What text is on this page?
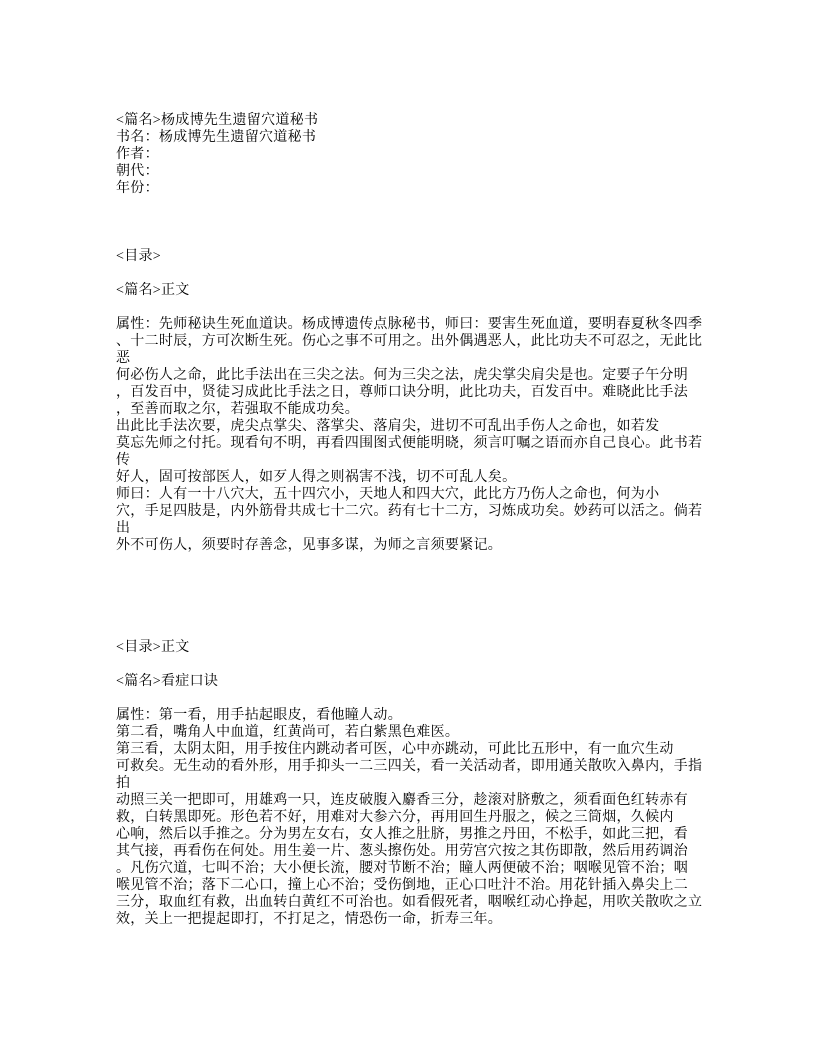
<篇名>杨成博先生遗留穴道秘书
书名：杨成博先生遗留穴道秘书
作者：
朝代：
年份：

<目录>

<篇名>正文

属性：先师秘诀生死血道诀。杨成博遗传点脉秘书，师曰：要害生死血道，要明春夏秋冬四季
、十二时辰，方可次断生死。伤心之事不可用之。出外偶遇恶人，此比功夫不可忍之，无此比
恶
何必伤人之命，此比手法出在三尖之法。何为三尖之法，虎尖掌尖肩尖是也。定要子午分明
，百发百中，贤徒习成此比手法之日，尊师口诀分明，此比功夫，百发百中。难晓此比手法
，至善而取之尔，若强取不能成功矣。
出此比手法次要，虎尖点掌尖、落掌尖、落肩尖，进切不可乱出手伤人之命也，如若发
莫忘先师之付托。现看句不明，再看四围图式便能明晓，须言叮嘱之语而亦自己良心。此书若
传
好人，固可按部医人，如歹人得之则祸害不浅，切不可乱人矣。
师曰：人有一十八穴大，五十四穴小，天地人和四大穴，此比方乃伤人之命也，何为小
穴，手足四肢是，内外筋骨共成七十二穴。药有七十二方，习炼成功矣。妙药可以活之。倘若
出
外不可伤人，须要时存善念，见事多谋，为师之言须要紧记。

<目录>正文

<篇名>看症口诀

属性：第一看，用手拈起眼皮，看他瞳人动。
第二看，嘴角人中血道，红黄尚可，若白紫黑色难医。
第三看，太阴太阳，用手按住内跳动者可医，心中亦跳动，可此比五形中，有一血穴生动
可救矣。无生动的看外形，用手抑头一二三四关，看一关活动者，即用通关散吹入鼻内，手指
拍
动照三关一把即可，用雄鸡一只，连皮破腹入麝香三分，趁滚对脐敷之，须看面色红转赤有
救，白转黑即死。形色若不好，用难对大参六分，再用回生丹服之，候之三筒烟，久候内
心响，然后以手推之。分为男左女右，女人推之肚脐，男推之丹田，不松手，如此三把，看
其气接，再看伤在何处。用生姜一片、葱头擦伤处。用劳宫穴按之其伤即散，然后用药调治
。凡伤穴道，七叫不治；大小便长流，腰对节断不治；瞳人两便破不治；咽喉见管不治；咽
喉见管不治；落下二心口，撞上心不治；受伤倒地，正心口吐汁不治。用花针插入鼻尖上二
三分，取血红有救，出血转白黄红不可治也。如看假死者，咽喉红动心挣起，用吹关散吹之立
效，关上一把提起即打，不打足之，情恐伤一命，折寿三年。
